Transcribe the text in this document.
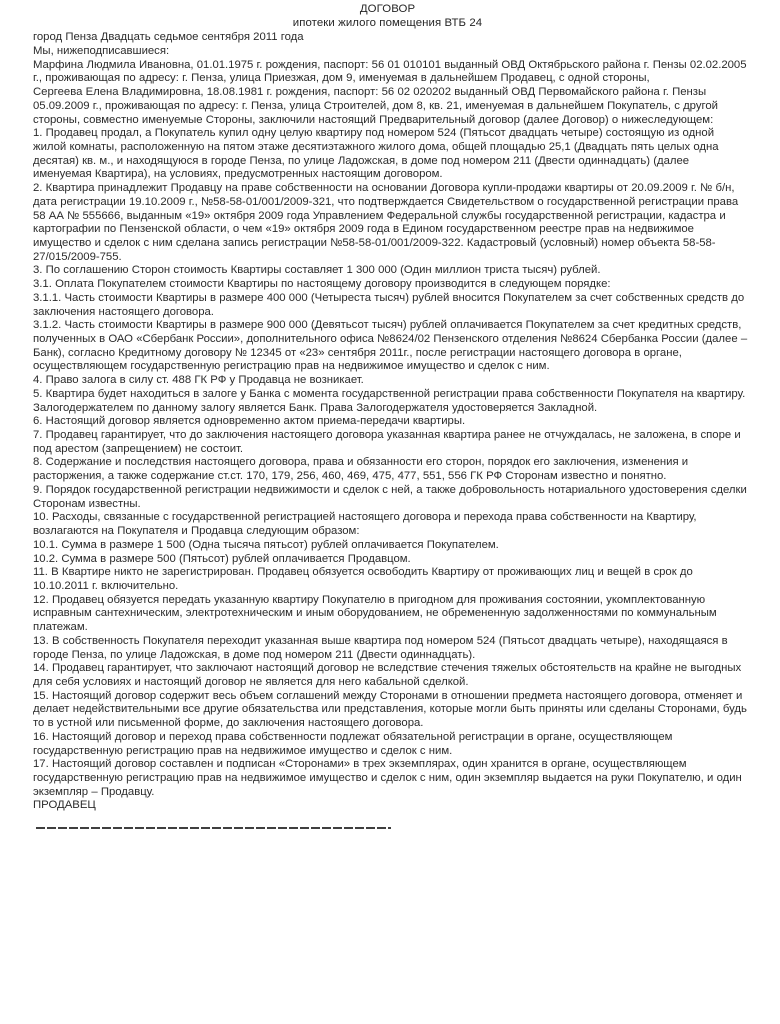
ДОГОВОР
ипотеки жилого помещения ВТБ 24

город Пенза Двадцать седьмое сентября 2011 года

Мы, нижеподписавшиеся:

Марфина Людмила Ивановна, 01.01.1975 г. рождения, паспорт: 56 01 010101 выданный ОВД Октябрьского района г. Пензы 02.02.2005 г., проживающая по адресу: г. Пенза, улица Приезжая, дом 9, именуемая в дальнейшем Продавец, с одной стороны,

Сергеева Елена Владимировна, 18.08.1981 г. рождения, паспорт: 56 02 020202 выданный ОВД Первомайского района г. Пензы 05.09.2009 г., проживающая по адресу: г. Пенза, улица Строителей, дом 8, кв. 21, именуемая в дальнейшем Покупатель, с другой стороны, совместно именуемые Стороны, заключили настоящий Предварительный договор (далее Договор) о нижеследующем:

1. Продавец продал, а Покупатель купил одну целую квартиру под номером 524 (Пятьсот двадцать четыре) состоящую из одной жилой комнаты, расположенную на пятом этаже десятиэтажного жилого дома, общей площадью 25,1 (Двадцать пять целых одна десятая) кв. м., и находящуюся в городе Пенза, по улице Ладожская, в доме под номером 211 (Двести одиннадцать) (далее именуемая Квартира), на условиях, предусмотренных настоящим договором.

2. Квартира принадлежит Продавцу на праве собственности на основании Договора купли-продажи квартиры от 20.09.2009 г. № б/н, дата регистрации 19.10.2009 г., №58-58-01/001/2009-321, что подтверждается Свидетельством о государственной регистрации права 58 АА № 555666, выданным «19» октября 2009 года Управлением Федеральной службы государственной регистрации, кадастра и картографии по Пензенской области, о чем «19» октября 2009 года в Едином государственном реестре прав на недвижимое имущество и сделок с ним сделана запись регистрации №58-58-01/001/2009-322. Кадастровый (условный) номер объекта 58-58-27/015/2009-755.

3. По соглашению Сторон стоимость Квартиры составляет 1 300 000 (Один миллион триста тысяч) рублей.

3.1. Оплата Покупателем стоимости Квартиры по настоящему договору производится в следующем порядке:

3.1.1. Часть стоимости Квартиры в размере 400 000 (Четыреста тысяч) рублей вносится Покупателем за счет собственных средств до заключения настоящего договора.

3.1.2. Часть стоимости Квартиры в размере 900 000 (Девятьсот тысяч) рублей оплачивается Покупателем за счет кредитных средств, полученных в ОАО «Сбербанк России», дополнительного офиса №8624/02 Пензенского отделения №8624 Сбербанка России (далее – Банк), согласно Кредитному договору № 12345 от «23» сентября 2011г., после регистрации настоящего договора в органе, осуществляющем государственную регистрацию прав на недвижимое имущество и сделок с ним.

4. Право залога в силу ст. 488 ГК РФ у Продавца не возникает.

5. Квартира будет находиться в залоге у Банка с момента государственной регистрации права собственности Покупателя на квартиру. Залогодержателем по данному залогу является Банк. Права Залогодержателя удостоверяется Закладной.

6. Настоящий договор является одновременно актом приема-передачи квартиры.

7. Продавец гарантирует, что до заключения настоящего договора указанная квартира ранее не отчуждалась, не заложена, в споре и под арестом (запрещением) не состоит.

8. Содержание и последствия настоящего договора, права и обязанности его сторон, порядок его заключения, изменения и расторжения, а также содержание ст.ст. 170, 179, 256, 460, 469, 475, 477, 551, 556 ГК РФ Сторонам известно и понятно.

9. Порядок государственной регистрации недвижимости и сделок с ней, а также добровольность нотариального удостоверения сделки Сторонам известны.

10. Расходы, связанные с государственной регистрацией настоящего договора и перехода права собственности на Квартиру, возлагаются на Покупателя и Продавца следующим образом:

10.1. Сумма в размере 1 500 (Одна тысяча пятьсот) рублей оплачивается Покупателем.

10.2. Сумма в размере 500 (Пятьсот) рублей оплачивается Продавцом.

11. В Квартире никто не зарегистрирован. Продавец обязуется освободить Квартиру от проживающих лиц и вещей в срок до 10.10.2011 г. включительно.

12. Продавец обязуется передать указанную квартиру Покупателю в пригодном для проживания состоянии, укомплектованную исправным сантехническим, электротехническим и иным оборудованием, не обремененную задолженностями по коммунальным платежам.

13. В собственность Покупателя переходит указанная выше квартира под номером 524 (Пятьсот двадцать четыре), находящаяся в городе Пенза, по улице Ладожская, в доме под номером 211 (Двести одиннадцать).

14. Продавец гарантирует, что заключают настоящий договор не вследствие стечения тяжелых обстоятельств на крайне не выгодных для себя условиях и настоящий договор не является для него кабальной сделкой.

15. Настоящий договор содержит весь объем соглашений между Сторонами в отношении предмета настоящего договора, отменяет и делает недействительными все другие обязательства или представления, которые могли быть приняты или сделаны Сторонами, будь то в устной или письменной форме, до заключения настоящего договора.

16. Настоящий договор и переход права собственности подлежат обязательной регистрации в органе, осуществляющем государственную регистрацию прав на недвижимое имущество и сделок с ним.

17. Настоящий договор составлен и подписан «Сторонами» в трех экземплярах, один хранится в органе, осуществляющем государственную регистрацию прав на недвижимое имущество и сделок с ним, один экземпляр выдается на руки Покупателю, и один экземпляр – Продавцу.

ПРОДАВЕЦ
